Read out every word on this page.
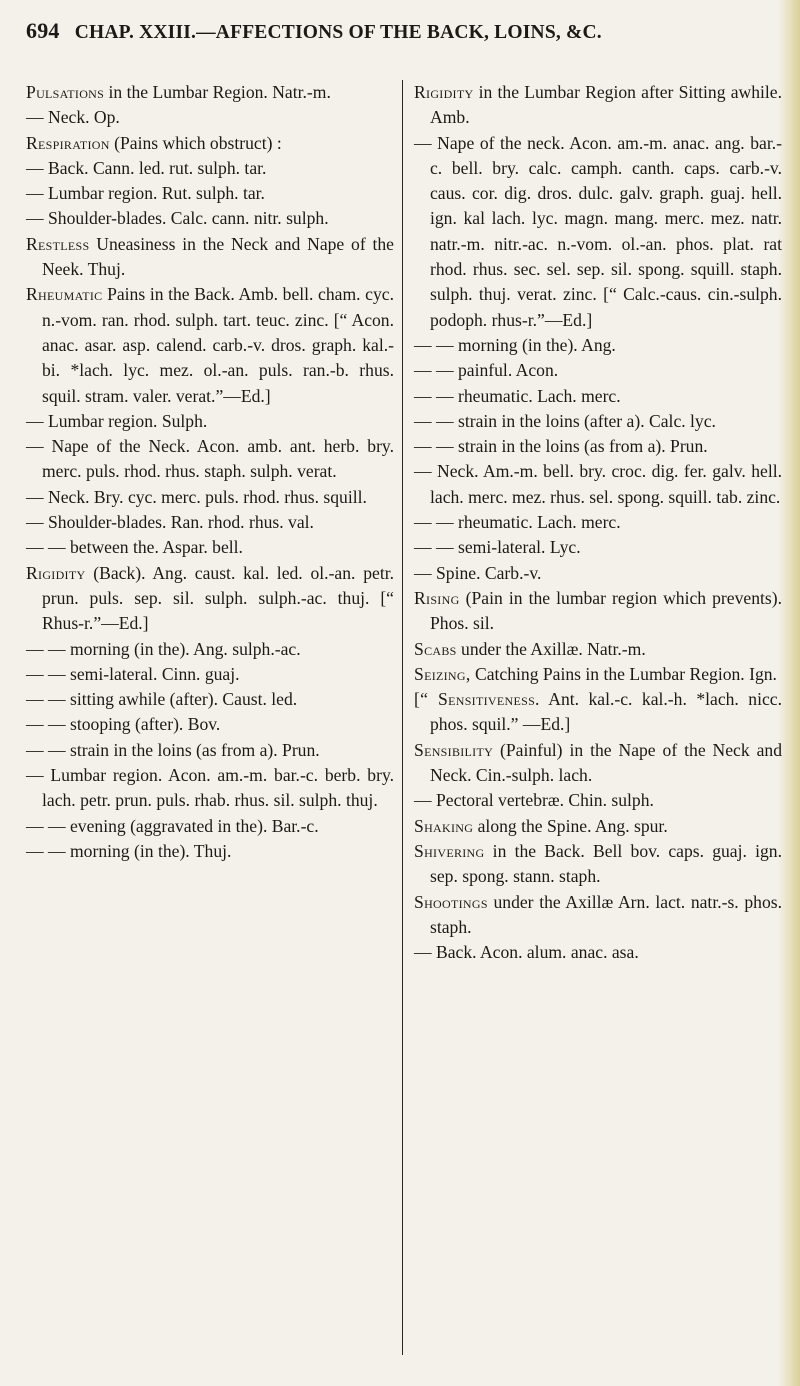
694 CHAP. XXIII.—AFFECTIONS OF THE BACK, LOINS, &C.

Pulsations in the Lumbar Region. Natr.-m.

— Neck. Op.

Respiration (Pains which obstruct) :

— Back. Cann. led. rut. sulph. tar.

— Lumbar region. Rut. sulph. tar.

— Shoulder-blades. Calc. cann. nitr. sulph.

Restless Uneasiness in the Neck and Nape of the Neek. Thuj.

Rheumatic Pains in the Back. Amb. bell. cham. cyc. n.-vom. ran. rhod. sulph. tart. teuc. zinc. [“ Acon. anac. asar. asp. calend. carb.-v. dros. graph. kal.-bi. *lach. lyc. mez. ol.-an. puls. ran.-b. rhus. squil. stram. valer. verat.”—Ed.]

— Lumbar region. Sulph.

— Nape of the Neck. Acon. amb. ant. herb. bry. merc. puls. rhod. rhus. staph. sulph. verat.

— Neck. Bry. cyc. merc. puls. rhod. rhus. squill.

— Shoulder-blades. Ran. rhod. rhus. val.

— — between the. Aspar. bell.

Rigidity (Back). Ang. caust. kal. led. ol.-an. petr. prun. puls. sep. sil. sulph. sulph.-ac. thuj. [“ Rhus-r.”—Ed.]

— — morning (in the). Ang. sulph.-ac.

— — semi-lateral. Cinn. guaj.

— — sitting awhile (after). Caust. led.

— — stooping (after). Bov.

— — strain in the loins (as from a). Prun.

— Lumbar region. Acon. am.-m. bar.-c. berb. bry. lach. petr. prun. puls. rhab. rhus. sil. sulph. thuj.

— — evening (aggravated in the). Bar.-c.

— — morning (in the). Thuj.

Rigidity in the Lumbar Region after Sitting awhile. Amb.

— Nape of the neck. Acon. am.-m. anac. ang. bar.-c. bell. bry. calc. camph. canth. caps. carb.-v. caus. cor. dig. dros. dulc. galv. graph. guaj. hell. ign. kal lach. lyc. magn. mang. merc. mez. natr. natr.-m. nitr.-ac. n.-vom. ol.-an. phos. plat. rat rhod. rhus. sec. sel. sep. sil. spong. squill. staph. sulph. thuj. verat. zinc. [“ Calc.-caus. cin.-sulph. podoph. rhus-r.”—Ed.]

— — morning (in the). Ang.

— — painful. Acon.

— — rheumatic. Lach. merc.

— — strain in the loins (after a). Calc. lyc.

— — strain in the loins (as from a). Prun.

— Neck. Am.-m. bell. bry. croc. dig. fer. galv. hell. lach. merc. mez. rhus. sel. spong. squill. tab. zinc.

— — rheumatic. Lach. merc.

— — semi-lateral. Lyc.

— Spine. Carb.-v.

Rising (Pain in the lumbar region which prevents). Phos. sil.

Scabs under the Axillæ. Natr.-m.

Seizing, Catching Pains in the Lumbar Region. Ign.

[“ Sensitiveness. Ant. kal.-c. kal.-h. *lach. nicc. phos. squil.” —Ed.]

Sensibility (Painful) in the Nape of the Neck and Neck. Cin.-sulph. lach.

— Pectoral vertebræ. Chin. sulph.

Shaking along the Spine. Ang. spur.

Shivering in the Back. Bell bov. caps. guaj. ign. sep. spong. stann. staph.

Shootings under the Axillæ Arn. lact. natr.-s. phos. staph.

— Back. Acon. alum. anac. asa.
